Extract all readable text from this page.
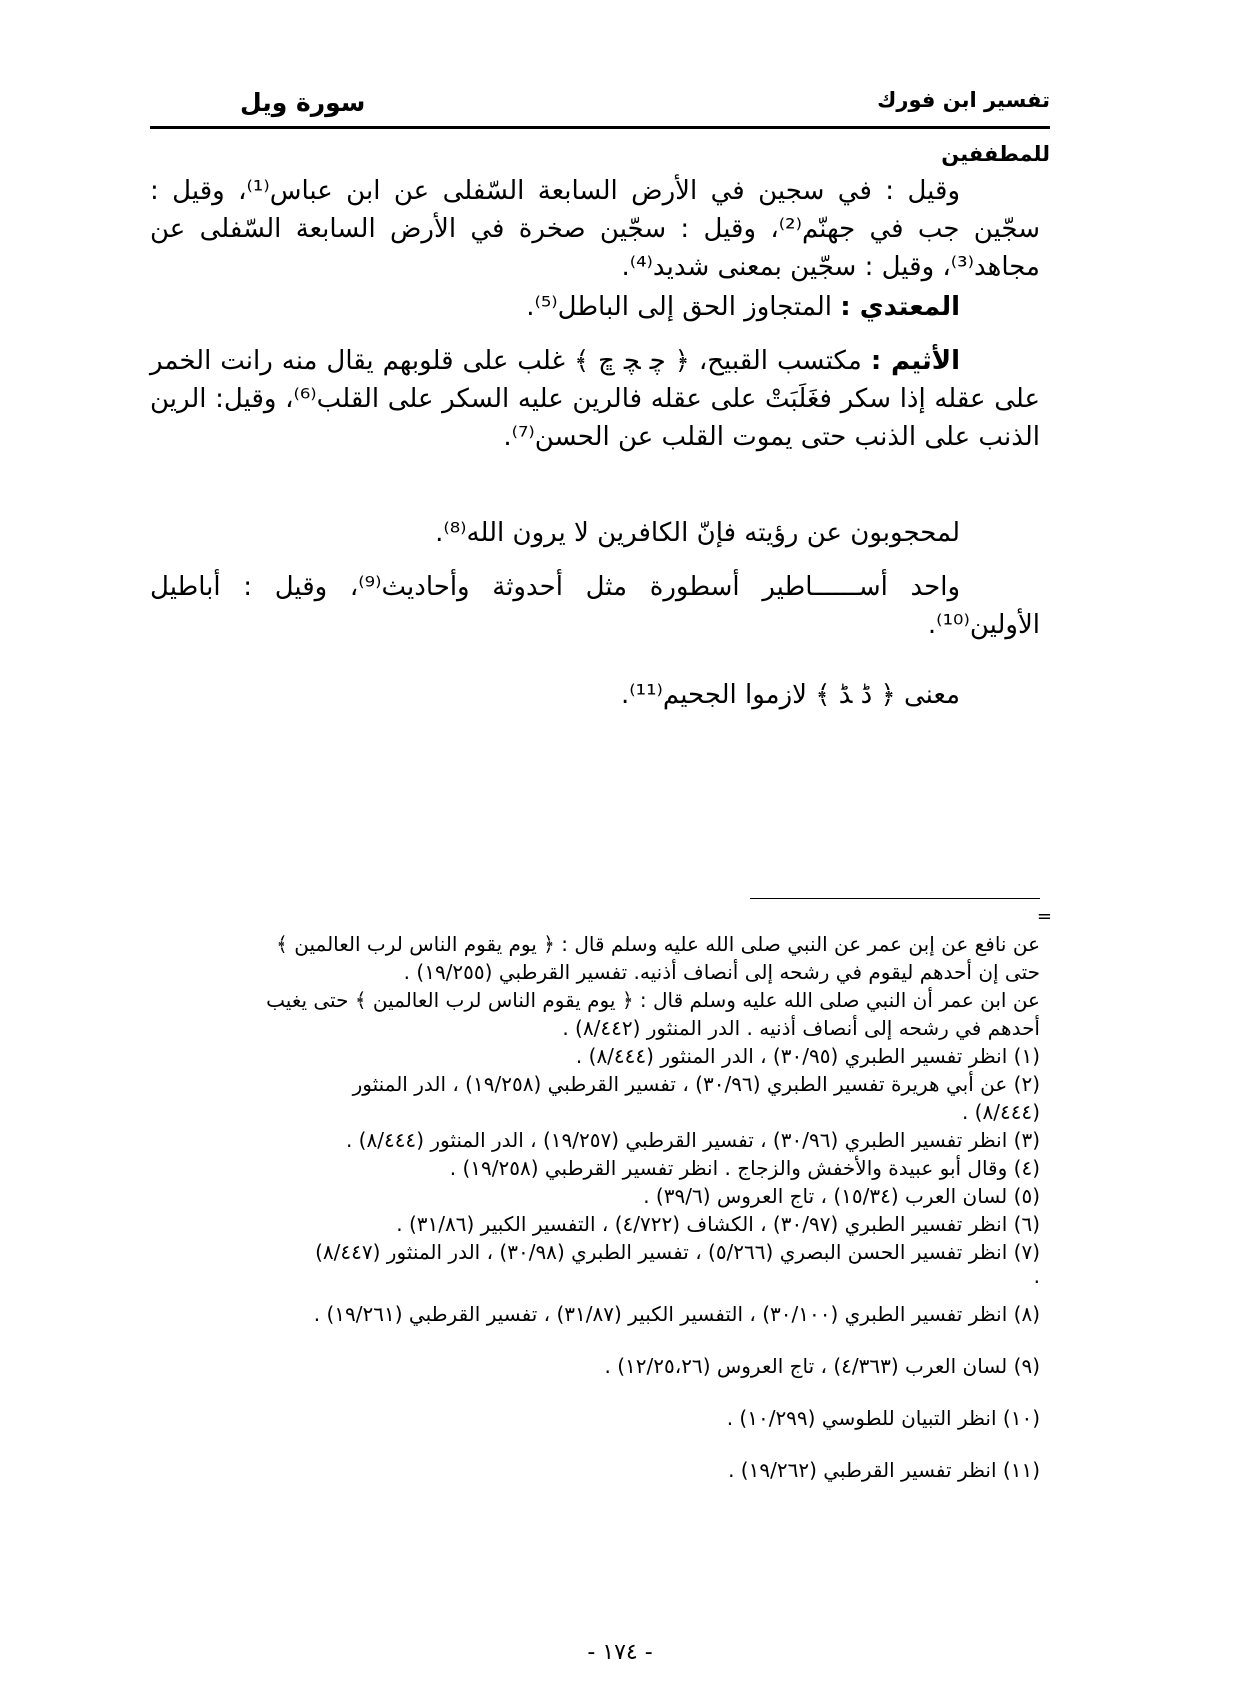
تفسير ابن فورك
سورة ويل
للمطففين
وقيل : في سجين في الأرض السابعة السّفلى عن ابن عباس⁽¹⁾، وقيل : سجّين جب في جهنّم⁽²⁾، وقيل : سجّين صخرة في الأرض السابعة السّفلى عن مجاهد⁽³⁾، وقيل : سجّين بمعنى شديد⁽⁴⁾.
المعتدي : المتجاوز الحق إلى الباطل⁽⁵⁾.
الأثيم : مكتسب القبيح، ﴿ ﭼ ﭽ ﭾ ﴾ غلب على قلوبهم يقال منه رانت الخمر على عقله إذا سكر فغَلَبَتْ على عقله فالرين عليه السكر على القلب⁽⁶⁾، وقيل: الرين الذنب على الذنب حتى يموت القلب عن الحسن⁽⁷⁾.
لمحجوبون عن رؤيته فإنّ الكافرين لا يرون الله⁽⁸⁾.
واحد أســــــاطير أسطورة مثل أحدوثة وأحاديث⁽⁹⁾، وقيل : أباطيل الأولين⁽¹⁰⁾.
معنى ﴿ ﮈ ﮉ ﴾ لازموا الجحيم⁽¹¹⁾.
=
عن نافع عن إبن عمر عن النبي صلى الله عليه وسلم قال : ﴿ يوم يقوم الناس لرب العالمين ﴾
حتى إن أحدهم ليقوم في رشحه إلى أنصاف أذنيه. تفسير القرطبي (١٩/٢٥٥) .
عن ابن عمر أن النبي صلى الله عليه وسلم قال : ﴿ يوم يقوم الناس لرب العالمين ﴾ حتى يغيب
أحدهم في رشحه إلى أنصاف أذنيه . الدر المنثور (٨/٤٤٢) .
(١) انظر تفسير الطبري (٣٠/٩٥) ، الدر المنثور (٨/٤٤٤) .
(٢) عن أبي هريرة تفسير الطبري (٣٠/٩٦) ، تفسير القرطبي (١٩/٢٥٨) ، الدر المنثور
(٨/٤٤٤) .
(٣) انظر تفسير الطبري (٣٠/٩٦) ، تفسير القرطبي (١٩/٢٥٧) ، الدر المنثور (٨/٤٤٤) .
(٤) وقال أبو عبيدة والأخفش والزجاج . انظر تفسير القرطبي (١٩/٢٥٨) .
(٥) لسان العرب (١٥/٣٤) ، تاج العروس (٣٩/٦) .
(٦) انظر تفسير الطبري (٣٠/٩٧) ، الكشاف (٤/٧٢٢) ، التفسير الكبير (٣١/٨٦) .
(٧) انظر تفسير الحسن البصري (٥/٢٦٦) ، تفسير الطبري (٣٠/٩٨) ، الدر المنثور (٨/٤٤٧)
.
(٨) انظر تفسير الطبري (٣٠/١٠٠) ، التفسير الكبير (٣١/٨٧) ، تفسير القرطبي (١٩/٢٦١) .
(٩) لسان العرب (٤/٣٦٣) ، تاج العروس (١٢/٢٥،٢٦) .
(١٠) انظر التبيان للطوسي (١٠/٢٩٩) .
(١١) انظر تفسير القرطبي (١٩/٢٦٢) .
- ١٧٤ -
